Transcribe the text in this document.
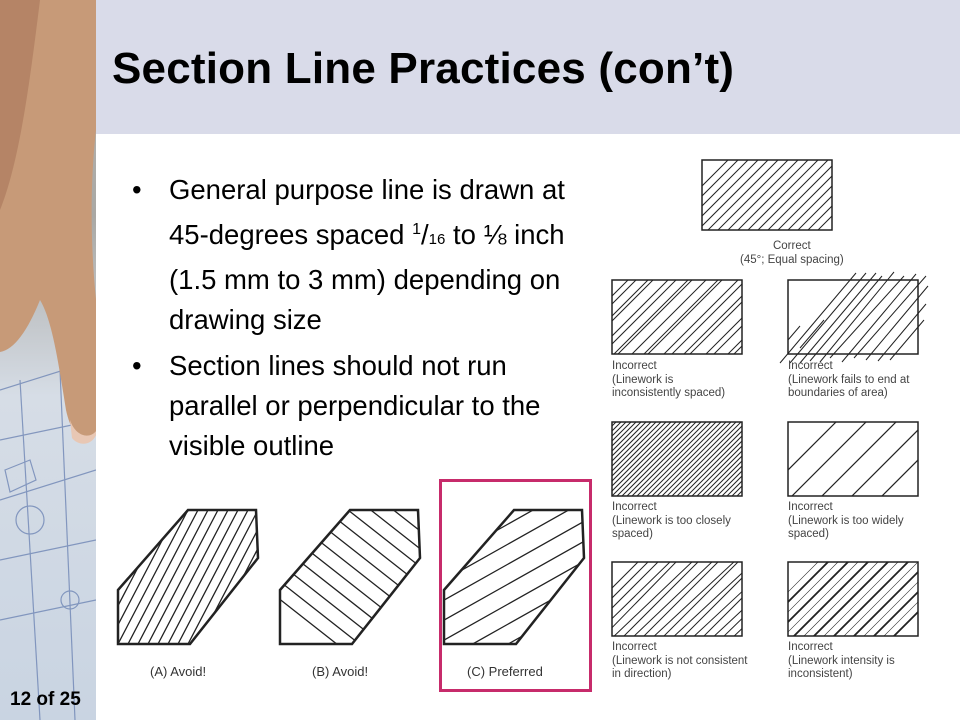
Section Line Practices (con’t)
• General purpose line is drawn at 45-degrees spaced $^1$/16 to ⅛ inch (1.5 mm to 3 mm) depending on drawing size
• Section lines should not run parallel or perpendicular to the visible outline
Correct
(45°; Equal spacing)
Incorrect
(Linework is
inconsistently spaced)
Incorrect
(Linework fails to end at
boundaries of area)
Incorrect
(Linework is too closely
spaced)
Incorrect
(Linework is too widely
spaced)
Incorrect
(Linework is not consistent
in direction)
Incorrect
(Linework intensity is
inconsistent)
(A) Avoid!	(B) Avoid!	(C) Preferred
12 of 25
